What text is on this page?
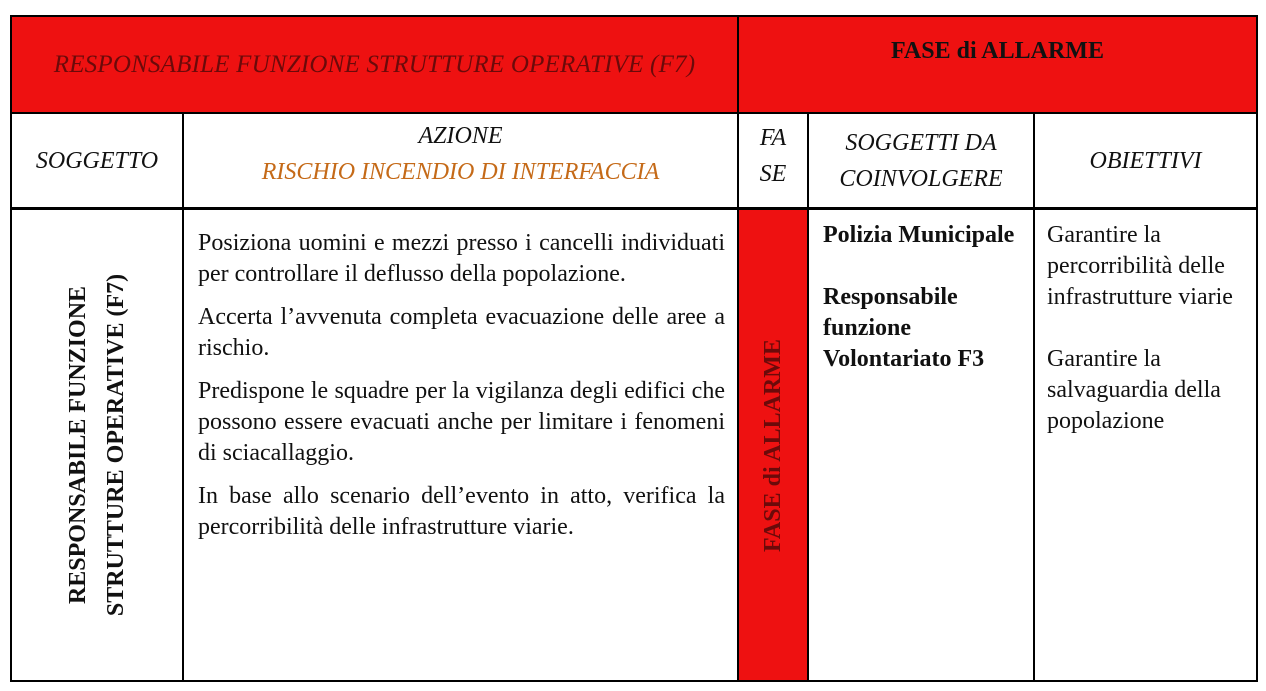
RESPONSABILE FUNZIONE STRUTTURE OPERATIVE (F7)	FASE di ALLARME
SOGGETTO
AZIONE
RISCHIO INCENDIO DI INTERFACCIA
FA
SE
SOGGETTI DA
COINVOLGERE
OBIETTIVI
RESPONSABILE FUNZIONE STRUTTURE OPERATIVE (F7)

Posiziona uomini e mezzi presso i cancelli individuati per controllare il deflusso della popolazione.

Accerta l’avvenuta completa evacuazione delle aree a rischio.

Predispone le squadre per la vigilanza degli edifici che possono essere evacuati anche per limitare i fenomeni di sciacallaggio.

In base allo scenario dell’evento in atto, verifica la percorribilità delle infrastrutture viarie.	FASE di ALLARME
Polizia Municipale
Responsabile funzione Volontariato F3
Garantire la percorribilità delle infrastrutture viarie
Garantire la salvaguardia della popolazione
